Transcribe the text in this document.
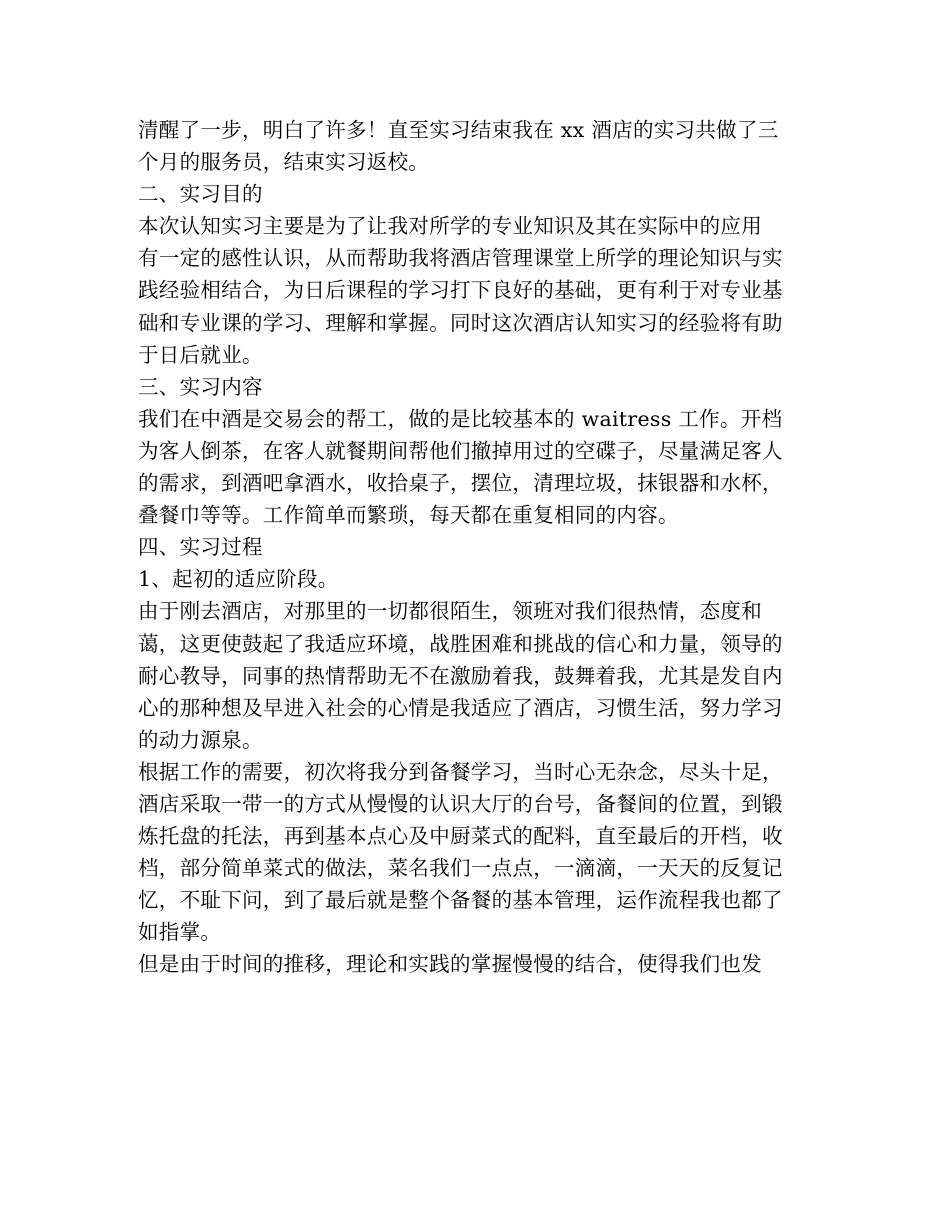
清醒了一步，明白了许多！直至实习结束我在 xx 酒店的实习共做了三
个月的服务员，结束实习返校。
二、实习目的
本次认知实习主要是为了让我对所学的专业知识及其在实际中的应用
有一定的感性认识，从而帮助我将酒店管理课堂上所学的理论知识与实
践经验相结合，为日后课程的学习打下良好的基础，更有利于对专业基
础和专业课的学习、理解和掌握。同时这次酒店认知实习的经验将有助
于日后就业。
三、实习内容
我们在中酒是交易会的帮工，做的是比较基本的 waitress 工作。开档
为客人倒茶，在客人就餐期间帮他们撤掉用过的空碟子，尽量满足客人
的需求，到酒吧拿酒水，收拾桌子，摆位，清理垃圾，抹银器和水杯，
叠餐巾等等。工作简单而繁琐，每天都在重复相同的内容。
四、实习过程
1、起初的适应阶段。
由于刚去酒店，对那里的一切都很陌生，领班对我们很热情，态度和
蔼，这更使鼓起了我适应环境，战胜困难和挑战的信心和力量，领导的
耐心教导，同事的热情帮助无不在激励着我，鼓舞着我，尤其是发自内
心的那种想及早进入社会的心情是我适应了酒店，习惯生活，努力学习
的动力源泉。
根据工作的需要，初次将我分到备餐学习，当时心无杂念，尽头十足，
酒店采取一带一的方式从慢慢的认识大厅的台号，备餐间的位置，到锻
炼托盘的托法，再到基本点心及中厨菜式的配料，直至最后的开档，收
档，部分简单菜式的做法，菜名我们一点点，一滴滴，一天天的反复记
忆，不耻下问，到了最后就是整个备餐的基本管理，运作流程我也都了
如指掌。
但是由于时间的推移，理论和实践的掌握慢慢的结合，使得我们也发
